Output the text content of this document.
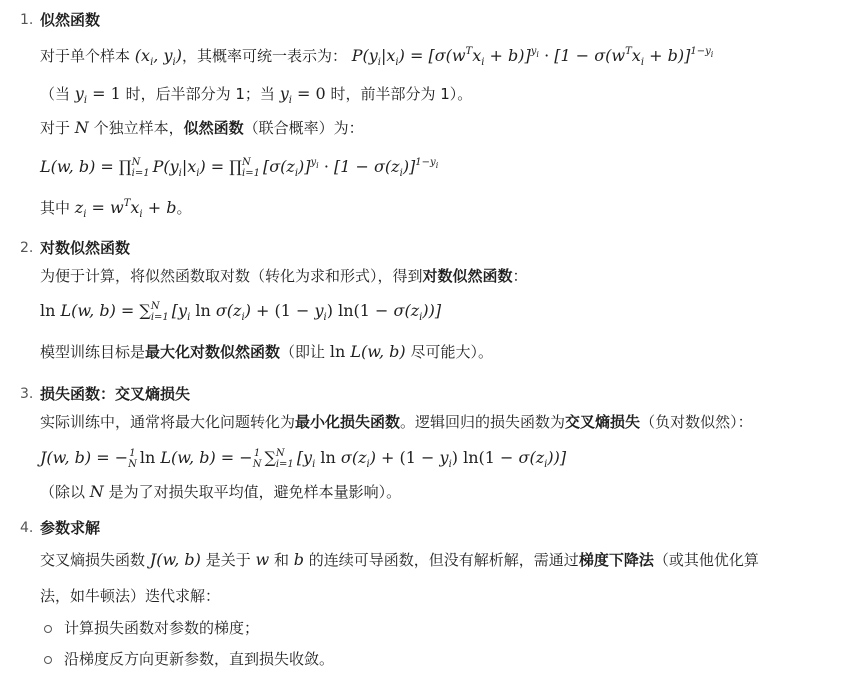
1. 似然函数
对于单个样本 ($x_i$, $y_i$)，其概率可统一表示为： $P(y_i|x_i) = [\sigma(w^Tx_i + b)]^{y_i} \cdot [1 - \sigma(w^Tx_i + b)]^{1-y_i}$
（当 $y_i = 1$ 时，后半部分为 1；当 $y_i = 0$ 时，前半部分为 1）。
对于 N 个独立样本，似然函数（联合概率）为：
L(w, b) = ∏N
i=1 $P(y_i|x_i)$ = ∏N
i=1 $[\sigma(z_i)]^{y_i} \cdot [1 - \sigma(z_i)]^{1-y_i}$
其中 $z_i = w^Tx_i + b$。
2. 对数似然函数
为便于计算，将似然函数取对数（转化为求和形式），得到对数似然函数：
ln L(w, b) = ∑N
i=1 [$y_i$ $\ln \sigma(z_i) + (1 - y_i) \ln(1 - \sigma(z_i))$]
模型训练目标是最大化对数似然函数（即让 ln L(w, b) 尽可能大）。
3. 损失函数：交叉熵损失
实际训练中，通常将最大化问题转化为最小化损失函数。逻辑回归的损失函数为交叉熵损失（负对数似然）：
J(w, b) = −1
N ln L(w, b) = −1
N ∑N
i=1 [$y_i$ $\ln \sigma(z_i) + (1 - y_i) \ln(1 - \sigma(z_i))$]
（除以 N 是为了对损失取平均值，避免样本量影响）。
4. 参数求解
交叉熵损失函数 J(w, b) 是关于 w 和 b 的连续可导函数，但没有解析解，需通过梯度下降法（或其他优化算
法，如牛顿法）迭代求解：
计算损失函数对参数的梯度；
沿梯度反方向更新参数，直到损失收敛。
